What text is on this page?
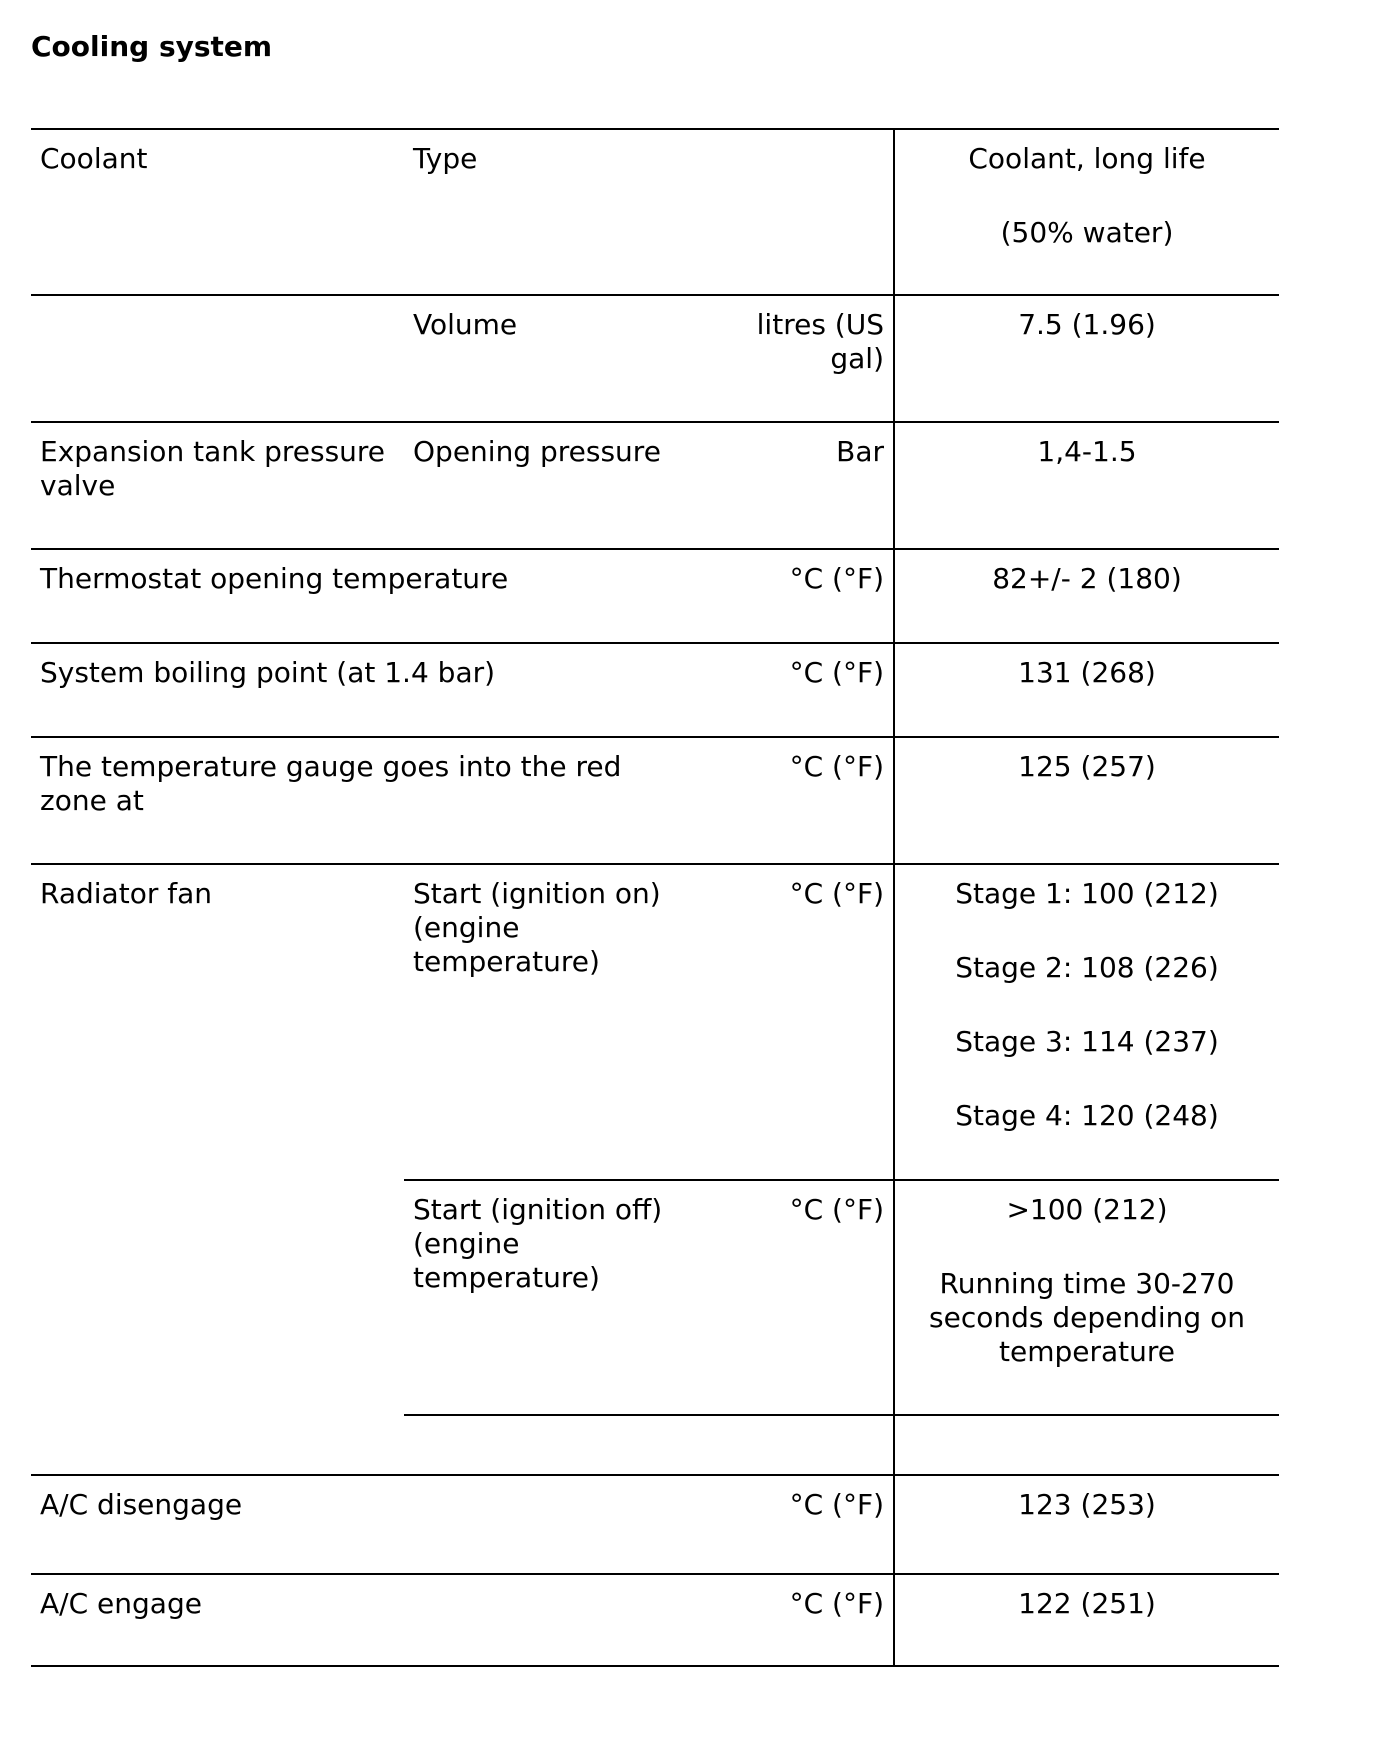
Cooling system
Coolant	Type		Coolant, long life
(50% water)

	Volume	litres (US gal)	7.5 (1.96)
Expansion tank pressure valve	Opening pressure	Bar	1,4-1.5
Thermostat opening temperature		°C (°F)	82+/- 2 (180)
System boiling point (at 1.4 bar)		°C (°F)	131 (268)
The temperature gauge goes into the red zone at		°C (°F)	125 (257)
Radiator fan	Start (ignition on) (engine temperature)	°C (°F)	Stage 1: 100 (212)
Stage 2: 108 (226)
Stage 3: 114 (237)
Stage 4: 120 (248)

	Start (ignition off) (engine temperature)	°C (°F)	>100 (212)
Running time 30-270 seconds depending on temperature

A/C disengage		°C (°F)	123 (253)
A/C engage		°C (°F)	122 (251)
